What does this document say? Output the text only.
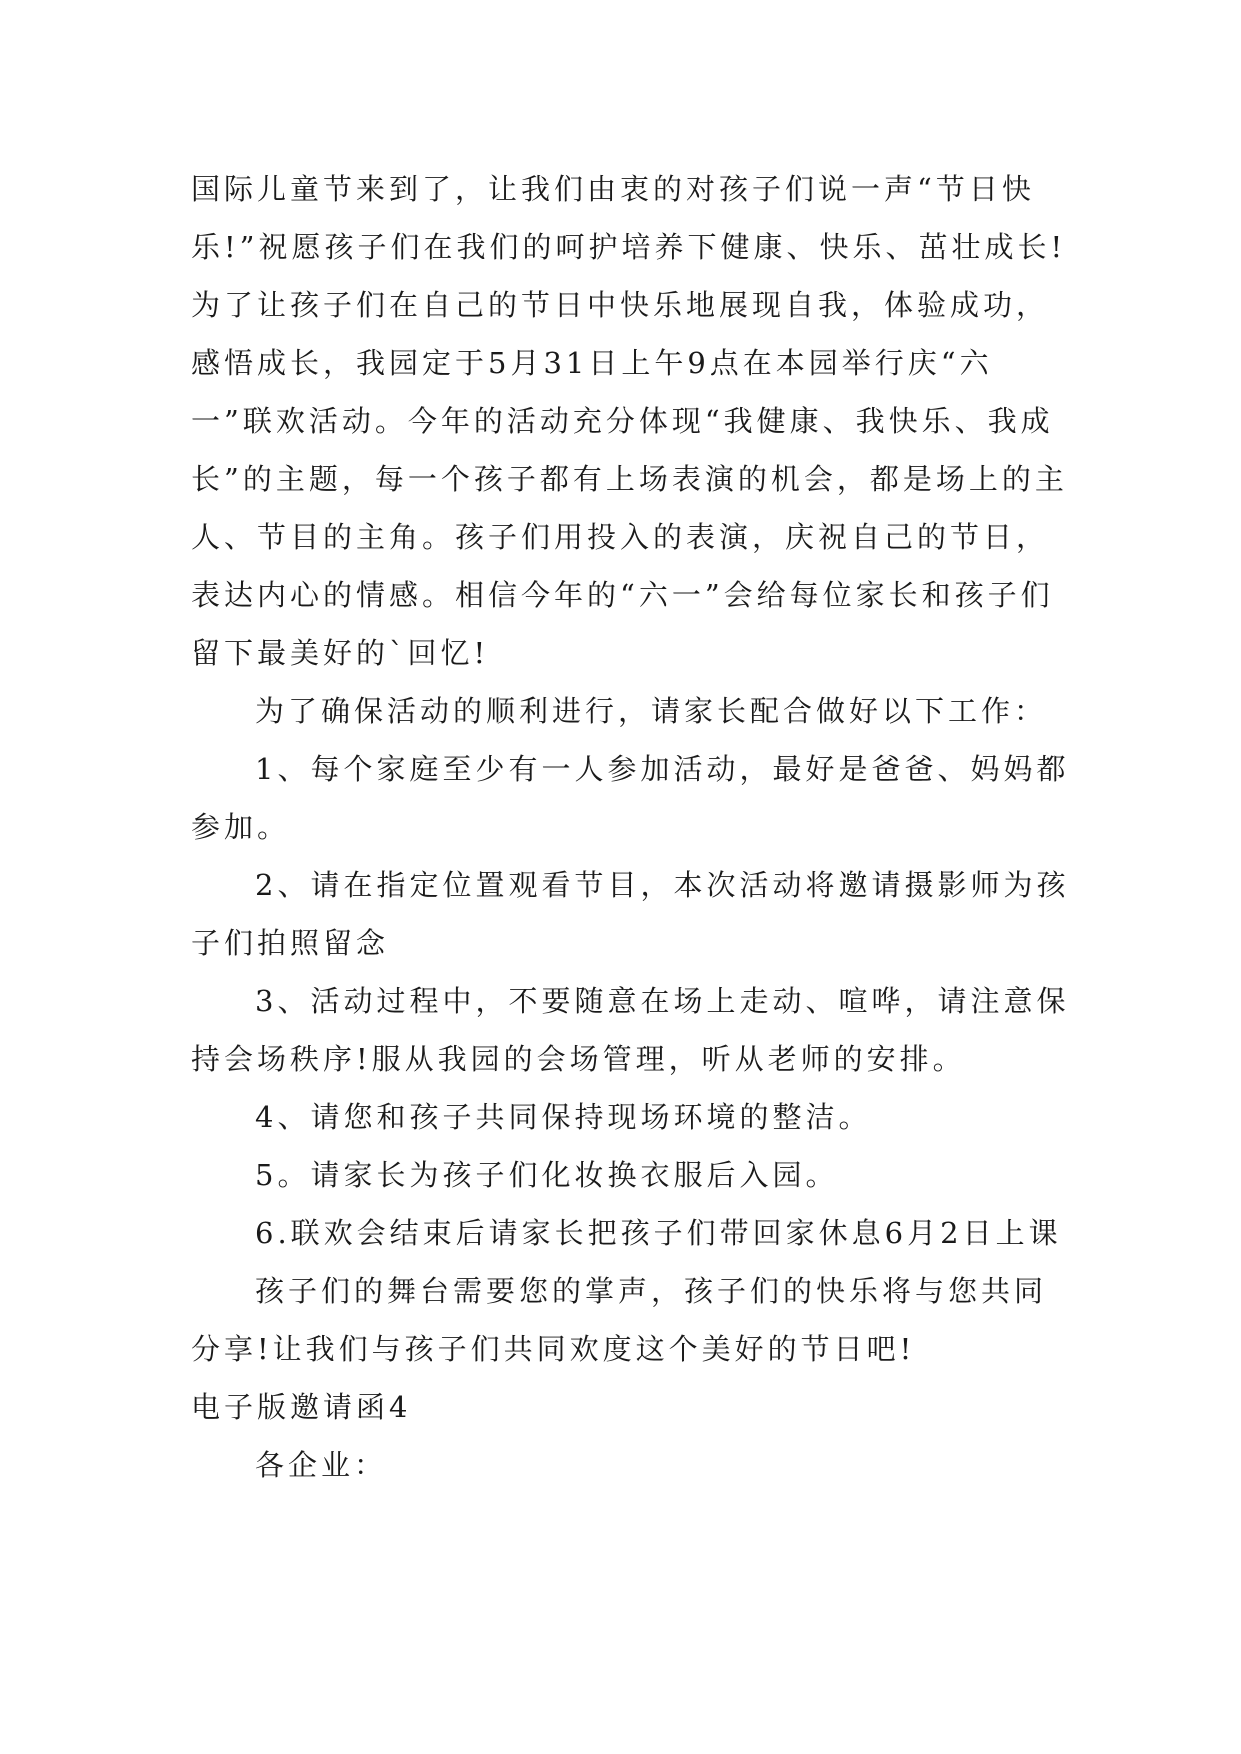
国际儿童节来到了，让我们由衷的对孩子们说一声“节日快乐!”祝愿孩子们在我们的呵护培养下健康、快乐、茁壮成长!为了让孩子们在自己的节日中快乐地展现自我，体验成功，感悟成长，我园定于5月31日上午9点在本园举行庆“六一”联欢活动。今年的活动充分体现“我健康、我快乐、我成长”的主题，每一个孩子都有上场表演的机会，都是场上的主人、节目的主角。孩子们用投入的表演，庆祝自己的节日，表达内心的情感。相信今年的“六一”会给每位家长和孩子们留下最美好的`回忆!

为了确保活动的顺利进行，请家长配合做好以下工作：

1、每个家庭至少有一人参加活动，最好是爸爸、妈妈都参加。

2、请在指定位置观看节目，本次活动将邀请摄影师为孩子们拍照留念

3、活动过程中，不要随意在场上走动、喧哗，请注意保持会场秩序!服从我园的会场管理，听从老师的安排。

4、请您和孩子共同保持现场环境的整洁。

5。请家长为孩子们化妆换衣服后入园。

6.联欢会结束后请家长把孩子们带回家休息6月2日上课

孩子们的舞台需要您的掌声，孩子们的快乐将与您共同分享!让我们与孩子们共同欢度这个美好的节日吧!

电子版邀请函4

各企业：
